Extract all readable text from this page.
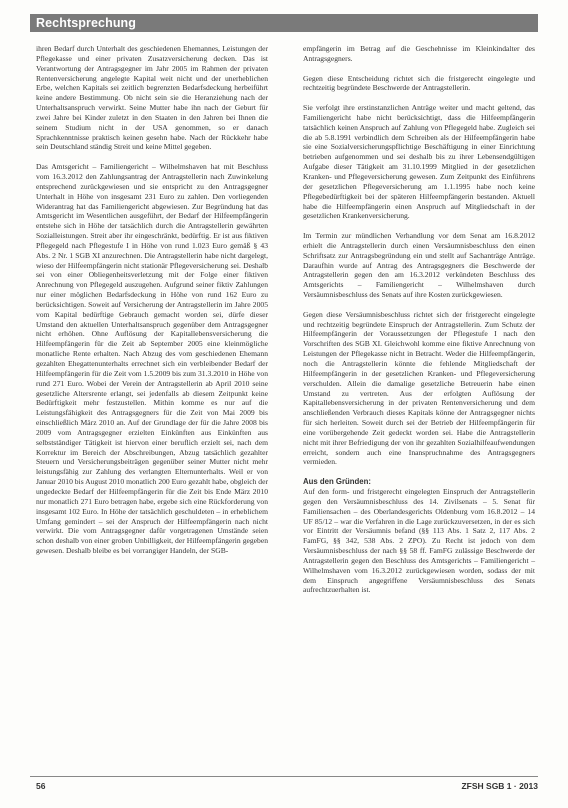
Rechtsprechung

ihren Bedarf durch Unterhalt des geschiedenen Ehemannes, Leistungen der Pflegekasse und einer privaten Zusatzversicherung decken. Das ist Verantwortung der Antragsgegner im Jahr 2005 im Rahmen der privaten Rentenversicherung angelegte Kapital weit nicht und der unerheblichen Erbe, welchen Kapitals sei zeitlich begrenzten Bedarfsdeckung herbeiführt keine andere Bestimmung. Ob nicht sein sie die Heranziehung nach der Unterhaltsanspruch verwirkt. Seine Mutter habe ihn nach der Geburt für zwei Jahre bei Kinder zuletzt in den Staaten in den Jahren bei Ihnen die seinem Studium nicht in der USA genommen, so er danach Sprachkenntnisse praktisch keinen gesehn habe. Nach der Rückkehr habe sein Deutschland ständig Streit und keine Mittel gegeben.

Das Amtsgericht – Familiengericht – Wilhelmshaven hat mit Beschluss vom 16.3.2012 den Zahlungsantrag der Antragstellerin nach Zuwinkelung entsprechend zurückgewiesen und sie entspricht zu den Antragsgegner Unterhalt in Höhe von insgesamt 231 Euro zu zahlen. Den vorliegenden Widerantrag hat das Familiengericht abgewiesen. Zur Begründung hat das Amtsgericht im Wesentlichen ausgeführt, der Bedarf der Hilfeempfängerin entstehe sich in Höhe der tatsächlich durch die Antragstellerin gewährten Sozialleistungen. Streit aber ihr eingeschränkt, bedürftig. Er ist aus fiktiven Pflegegeld nach Pflegestufe I in Höhe von rund 1.023 Euro gemäß § 43 Abs. 2 Nr. 1 SGB XI anzurechnen. Die Antragstellerin habe nicht dargelegt, wieso der Hilfeempfängerin nicht stationär Pflegeversicherung sei. Deshalb sei von einer Obliegenheitsverletzung mit der Folge einer fiktiven Anrechnung von Pflegegeld auszugehen. Aufgrund seiner fiktiv Zahlungen nur einer möglichen Bedarfsdeckung in Höhe von rund 162 Euro zu berücksichtigen. Soweit auf Versicherung der Antragstellerin im Jahre 2005 vom Kapital bedürftige Gebrauch gemacht worden sei, dürfe dieser Umstand den aktuellen Unterhaltsanspruch gegenüber dem Antragsgegner nicht erhöhen. Ohne Auflösung der Kapitallebensversicherung die Hilfeempfängerin für die Zeit ab September 2005 eine kleinmögliche monatliche Rente erhalten. Nach Abzug des vom geschiedenen Ehemann gezahlten Ehegattenunterhalts errechnet sich ein verbleibender Bedarf der Hilfeempfängerin für die Zeit vom 1.5.2009 bis zum 31.3.2010 in Höhe von rund 271 Euro. Wobei der Verein der Antragstellerin ab April 2010 seine gesetzliche Altersrente erlangt, sei jedenfalls ab diesem Zeitpunkt keine Bedürftigkeit mehr festzustellen. Mithin komme es nur auf die Leistungsfähigkeit des Antragsgegners für die Zeit von Mai 2009 bis einschließlich März 2010 an. Auf der Grundlage der für die Jahre 2008 bis 2009 vom Antragsgegner erzielten Einkünften aus Einkünften aus selbstständiger Tätigkeit ist hiervon einer beruflich erzielt sei, nach dem Korrektur im Bereich der Abschreibungen, Abzug tatsächlich gezahlter Steuern und Versicherungsbeiträgen gegenüber seiner Mutter nicht mehr leistungsfähig zur Zahlung des verlangten Elternunterhalts. Weil er von Januar 2010 bis August 2010 monatlich 200 Euro gezahlt habe, obgleich der ungedeckte Bedarf der Hilfeempfängerin für die Zeit bis Ende März 2010 nur monatlich 271 Euro betragen habe, ergebe sich eine Rückforderung von insgesamt 102 Euro. In Höhe der tatsächlich geschuldeten – in erheblichem Umfang gemindert – sei der Anspruch der Hilfeempfängerin nach nicht verwirkt. Die vom Antragsgegner dafür vorgetragenen Umstände seien schon deshalb von einer groben Unbilligkeit, der Hilfeempfängerin gegeben gewesen. Deshalb bleibe es bei vorrangiger Handeln, der SGB-

empfängerin im Betrag auf die Geschehnisse im Kleinkindalter des Antragsgegners.

Gegen diese Entscheidung richtet sich die fristgerecht eingelegte und rechtzeitig begründete Beschwerde der Antragstellerin.

Sie verfolgt ihre erstinstanzlichen Anträge weiter und macht geltend, das Familiengericht habe nicht berücksichtigt, dass die Hilfeempfängerin tatsächlich keinen Anspruch auf Zahlung von Pflegegeld habe. Zugleich sei die ab 5.8.1991 verbindlich dem Schreiben als der Hilfeempfängerin habe sie eine Sozialversicherungspflichtige Beschäftigung in einer Einrichtung betrieben aufgenommen und sei deshalb bis zu ihrer Lebensendgültigen Aufgabe dieser Tätigkeit am 31.10.1999 Mitglied in der gesetzlichen Kranken- und Pflegeversicherung gewesen. Zum Zeitpunkt des Einführens der gesetzlichen Pflegeversicherung am 1.1.1995 habe noch keine Pflegebedürftigkeit bei der späteren Hilfeempfängerin bestanden. Aktuell habe die Hilfeempfängerin einen Anspruch auf Mitgliedschaft in der gesetzlichen Krankenversicherung.

Im Termin zur mündlichen Verhandlung vor dem Senat am 16.8.2012 erhielt die Antragstellerin durch einen Versäumnisbeschluss den einen Schriftsatz zur Antragsbegründung ein und stellt auf Sachanträge Anträge. Daraufhin wurde auf Antrag des Antragsgegners die Beschwerde der Antragstellerin gegen den am 16.3.2012 verkündeten Beschluss des Amtsgerichts – Familiengericht – Wilhelmshaven durch Versäumnisbeschluss des Senats auf ihre Kosten zurückgewiesen.

Gegen diese Versäumnisbeschluss richtet sich der fristgerecht eingelegte und rechtzeitig begründete Einspruch der Antragstellerin. Zum Schutz der Hilfeempfängerin der Voraussetzungen der Pflegestufe I nach den Vorschriften des SGB XI. Gleichwohl komme eine fiktive Anrechnung von Leistungen der Pflegekasse nicht in Betracht. Weder die Hilfeempfängerin, noch die Antragstellerin könnte die fehlende Mitgliedschaft der Hilfeempfängerin in der gesetzlichen Kranken- und Pflegeversicherung verschulden. Allein die damalige gesetzliche Betreuerin habe einen Umstand zu vertreten. Aus der erfolgten Auflösung der Kapitallebensversicherung in der privaten Rentenversicherung und dem anschließenden Verbrauch dieses Kapitals könne der Antragsgegner nichts für sich herleiten. Soweit durch sei der Betrieb der Hilfeempfängerin für eine vorübergehende Zeit gedeckt worden sei. Habe die Antragstellerin nicht mit ihrer Befriedigung der von ihr gezahlten Sozialhilfeaufwendungen erreicht, sondern auch eine Inanspruchnahme des Antragsgegners vermieden.

Aus den Gründen:

Auf den form- und fristgerecht eingelegten Einspruch der Antragstellerin gegen den Versäumnisbeschluss des 14. Zivilsenats – 5. Senat für Familiensachen – des Oberlandesgerichts Oldenburg vom 16.8.2012 – 14 UF 85/12 – war die Verfahren in die Lage zurückzuversetzen, in der es sich vor Eintritt der Versäumnis befand (§§ 113 Abs. 1 Satz 2, 117 Abs. 2 FamFG, §§ 342, 538 Abs. 2 ZPO). Zu Recht ist jedoch von dem Versäumnisbeschluss der nach §§ 58 ff. FamFG zulässige Beschwerde der Antragstellerin gegen den Beschluss des Amtsgerichts – Familiengericht – Wilhelmshaven vom 16.3.2012 zurückgewiesen worden, sodass der mit dem Einspruch angegriffene Versäumnisbeschluss des Senats aufrechtzuerhalten ist.

56	ZFSH SGB 1 · 2013
